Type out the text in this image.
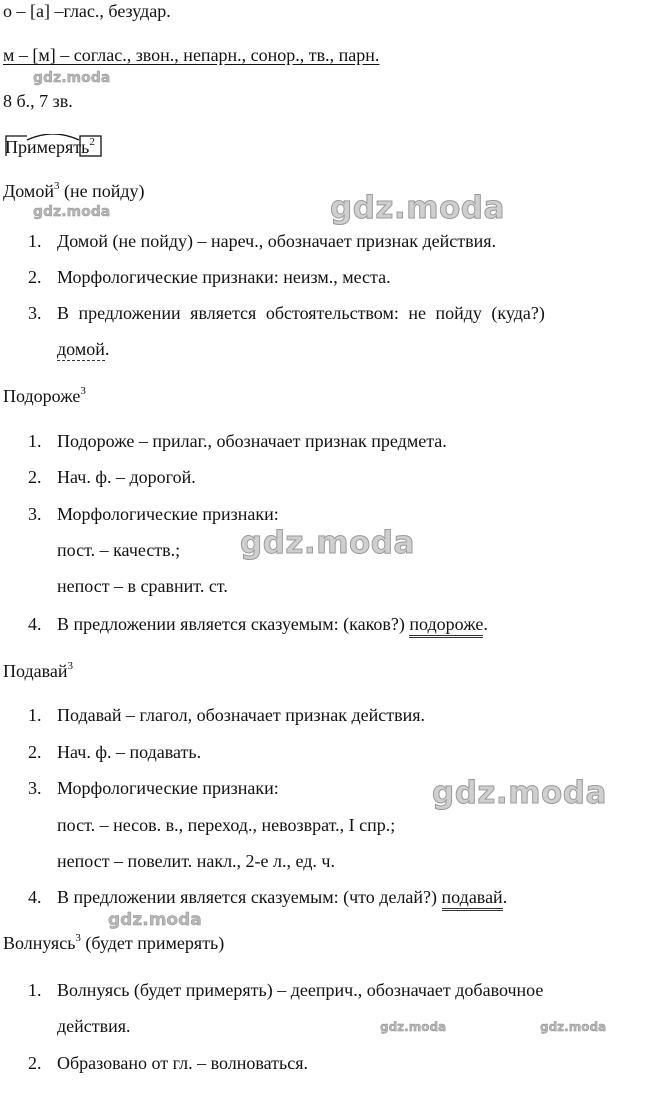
о – [а] –глас., безудар.
м – [м] – соглас., звон., непарн., сонор., тв., парн.
8 б., 7 зв.
Примерять$^2$
Домой$^3$ (не пойду)
1. Домой (не пойду) – нареч., обозначает признак действия.
2. Морфологические признаки: неизм., места.
3. В предложении является обстоятельством: не пойду (куда?)
домой.
Подороже$^3$
1. Подороже – прилаг., обозначает признак предмета.
2. Нач. ф. – дорогой.
3. Морфологические признаки:
пост. – качеств.;
непост – в сравнит. ст.
4. В предложении является сказуемым: (каков?) подороже.
Подавай$^3$
1. Подавай – глагол, обозначает признак действия.
2. Нач. ф. – подавать.
3. Морфологические признаки:
пост. – несов. в., переход., невозврат., I спр.;
непост – повелит. накл., 2-е л., ед. ч.
4. В предложении является сказуемым: (что делай?) подавай.
Волнуясь$^3$ (будет примерять)
1. Волнуясь (будет примерять) – дееприч., обозначает добавочное
действия.
2. Образовано от гл. – волноваться.
gdz.moda
gdz.moda	gdz.moda
gdz.moda
gdz.moda
gdz.moda
gdz.moda	gdz.moda
